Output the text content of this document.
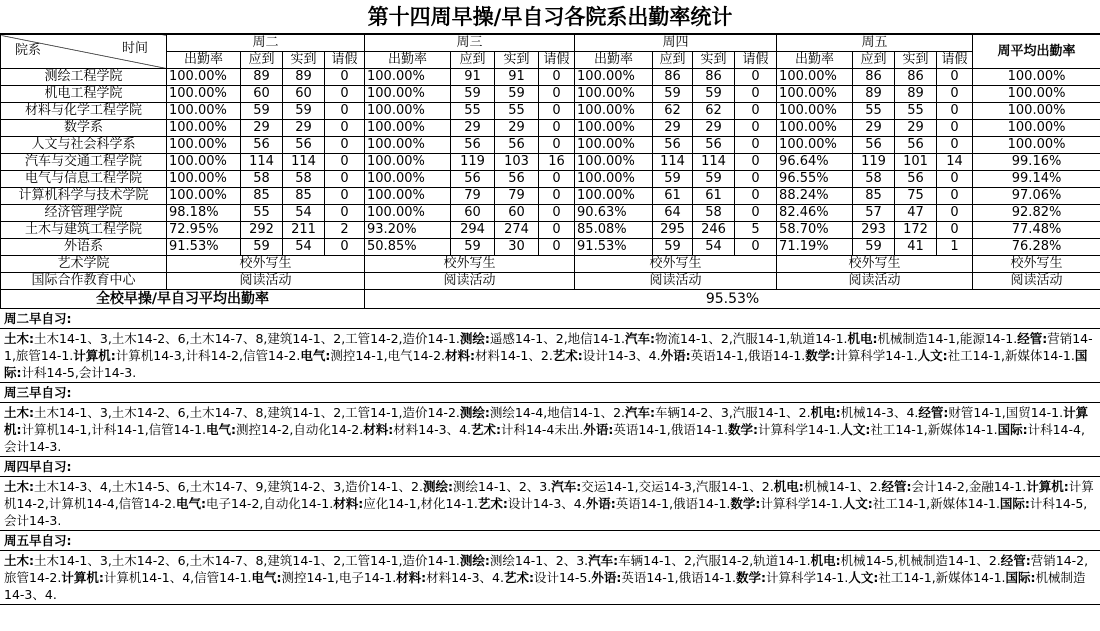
第十四周早操/早自习各院系出勤率统计
院系 时间	周二				周三				周四				周五				周平均出勤率
	出勤率	应到	实到	请假	出勤率	应到	实到	请假	出勤率	应到	实到	请假	出勤率	应到	实到	请假	
测绘工程学院	100.00%	89	89	0	100.00%	91	91	0	100.00%	86	86	0	100.00%	86	86	0	100.00%
机电工程学院	100.00%	60	60	0	100.00%	59	59	0	100.00%	59	59	0	100.00%	89	89	0	100.00%
材料与化学工程学院	100.00%	59	59	0	100.00%	55	55	0	100.00%	62	62	0	100.00%	55	55	0	100.00%
数学系	100.00%	29	29	0	100.00%	29	29	0	100.00%	29	29	0	100.00%	29	29	0	100.00%
人文与社会科学系	100.00%	56	56	0	100.00%	56	56	0	100.00%	56	56	0	100.00%	56	56	0	100.00%
汽车与交通工程学院	100.00%	114	114	0	100.00%	119	103	16	100.00%	114	114	0	96.64%	119	101	14	99.16%
电气与信息工程学院	100.00%	58	58	0	100.00%	56	56	0	100.00%	59	59	0	96.55%	58	56	0	99.14%
计算机科学与技术学院	100.00%	85	85	0	100.00%	79	79	0	100.00%	61	61	0	88.24%	85	75	0	97.06%
经济管理学院	98.18%	55	54	0	100.00%	60	60	0	90.63%	64	58	0	82.46%	57	47	0	92.82%
土木与建筑工程学院	72.95%	292	211	2	93.20%	294	274	0	85.08%	295	246	5	58.70%	293	172	0	77.48%
外语系	91.53%	59	54	0	50.85%	59	30	0	91.53%	59	54	0	71.19%	59	41	1	76.28%
艺术学院	校外写生				校外写生				校外写生				校外写生				校外写生
国际合作教育中心	阅读活动				阅读活动				阅读活动				阅读活动				阅读活动
全校早操/早自习平均出勤率					95.53%												
周二早自习:
土木:土木14-1、3,土木14-2、6,土木14-7、8,建筑14-1、2,工管14-2,造价14-1.测绘:遥感14-1、2,地信14-1.汽车:物流14-1、2,汽服14-1,轨道14-1.机电:机械制造14-1,能源14-1.经管:营销14-1,旅管14-1.计算机:计算机14-3,计科14-2,信管14-2.电气:测控14-1,电气14-2.材料:材料14-1、2.艺术:设计14-3、4.外语:英语14-1,俄语14-1.数学:计算科学14-1.人文:社工14-1,新媒体14-1.国际:计科14-5,会计14-3.
周三早自习:
土木:土木14-1、3,土木14-2、6,土木14-7、8,建筑14-1、2,工管14-1,造价14-2.测绘:测绘14-4,地信14-1、2.汽车:车辆14-2、3,汽服14-1、2.机电:机械14-3、4.经管:财管14-1,国贸14-1.计算机:计算机14-1,计科14-1,信管14-1.电气:测控14-2,自动化14-2.材料:材料14-3、4.艺术:计科14-4未出.外语:英语14-1,俄语14-1.数学:计算科学14-1.人文:社工14-1,新媒体14-1.国际:计科14-4,会计14-3.
周四早自习:
土木:土木14-3、4,土木14-5、6,土木14-7、9,建筑14-2、3,造价14-1、2.测绘:测绘14-1、2、3.汽车:交运14-1,交运14-3,汽服14-1、2.机电:机械14-1、2.经管:会计14-2,金融14-1.计算机:计算机14-2,计算机14-4,信管14-2.电气:电子14-2,自动化14-1.材料:应化14-1,材化14-1.艺术:设计14-3、4.外语:英语14-1,俄语14-1.数学:计算科学14-1.人文:社工14-1,新媒体14-1.国际:计科14-5,会计14-3.
周五早自习:
土木:土木14-1、3,土木14-2、6,土木14-7、8,建筑14-1、2,工管14-1,造价14-1.测绘:测绘14-1、2、3.汽车:车辆14-1、2,汽服14-2,轨道14-1.机电:机械14-5,机械制造14-1、2.经管:营销14-2,旅管14-2.计算机:计算机14-1、4,信管14-1.电气:测控14-1,电子14-1.材料:材料14-3、4.艺术:设计14-5.外语:英语14-1,俄语14-1.数学:计算科学14-1.人文:社工14-1,新媒体14-1.国际:机械制造14-3、4.
